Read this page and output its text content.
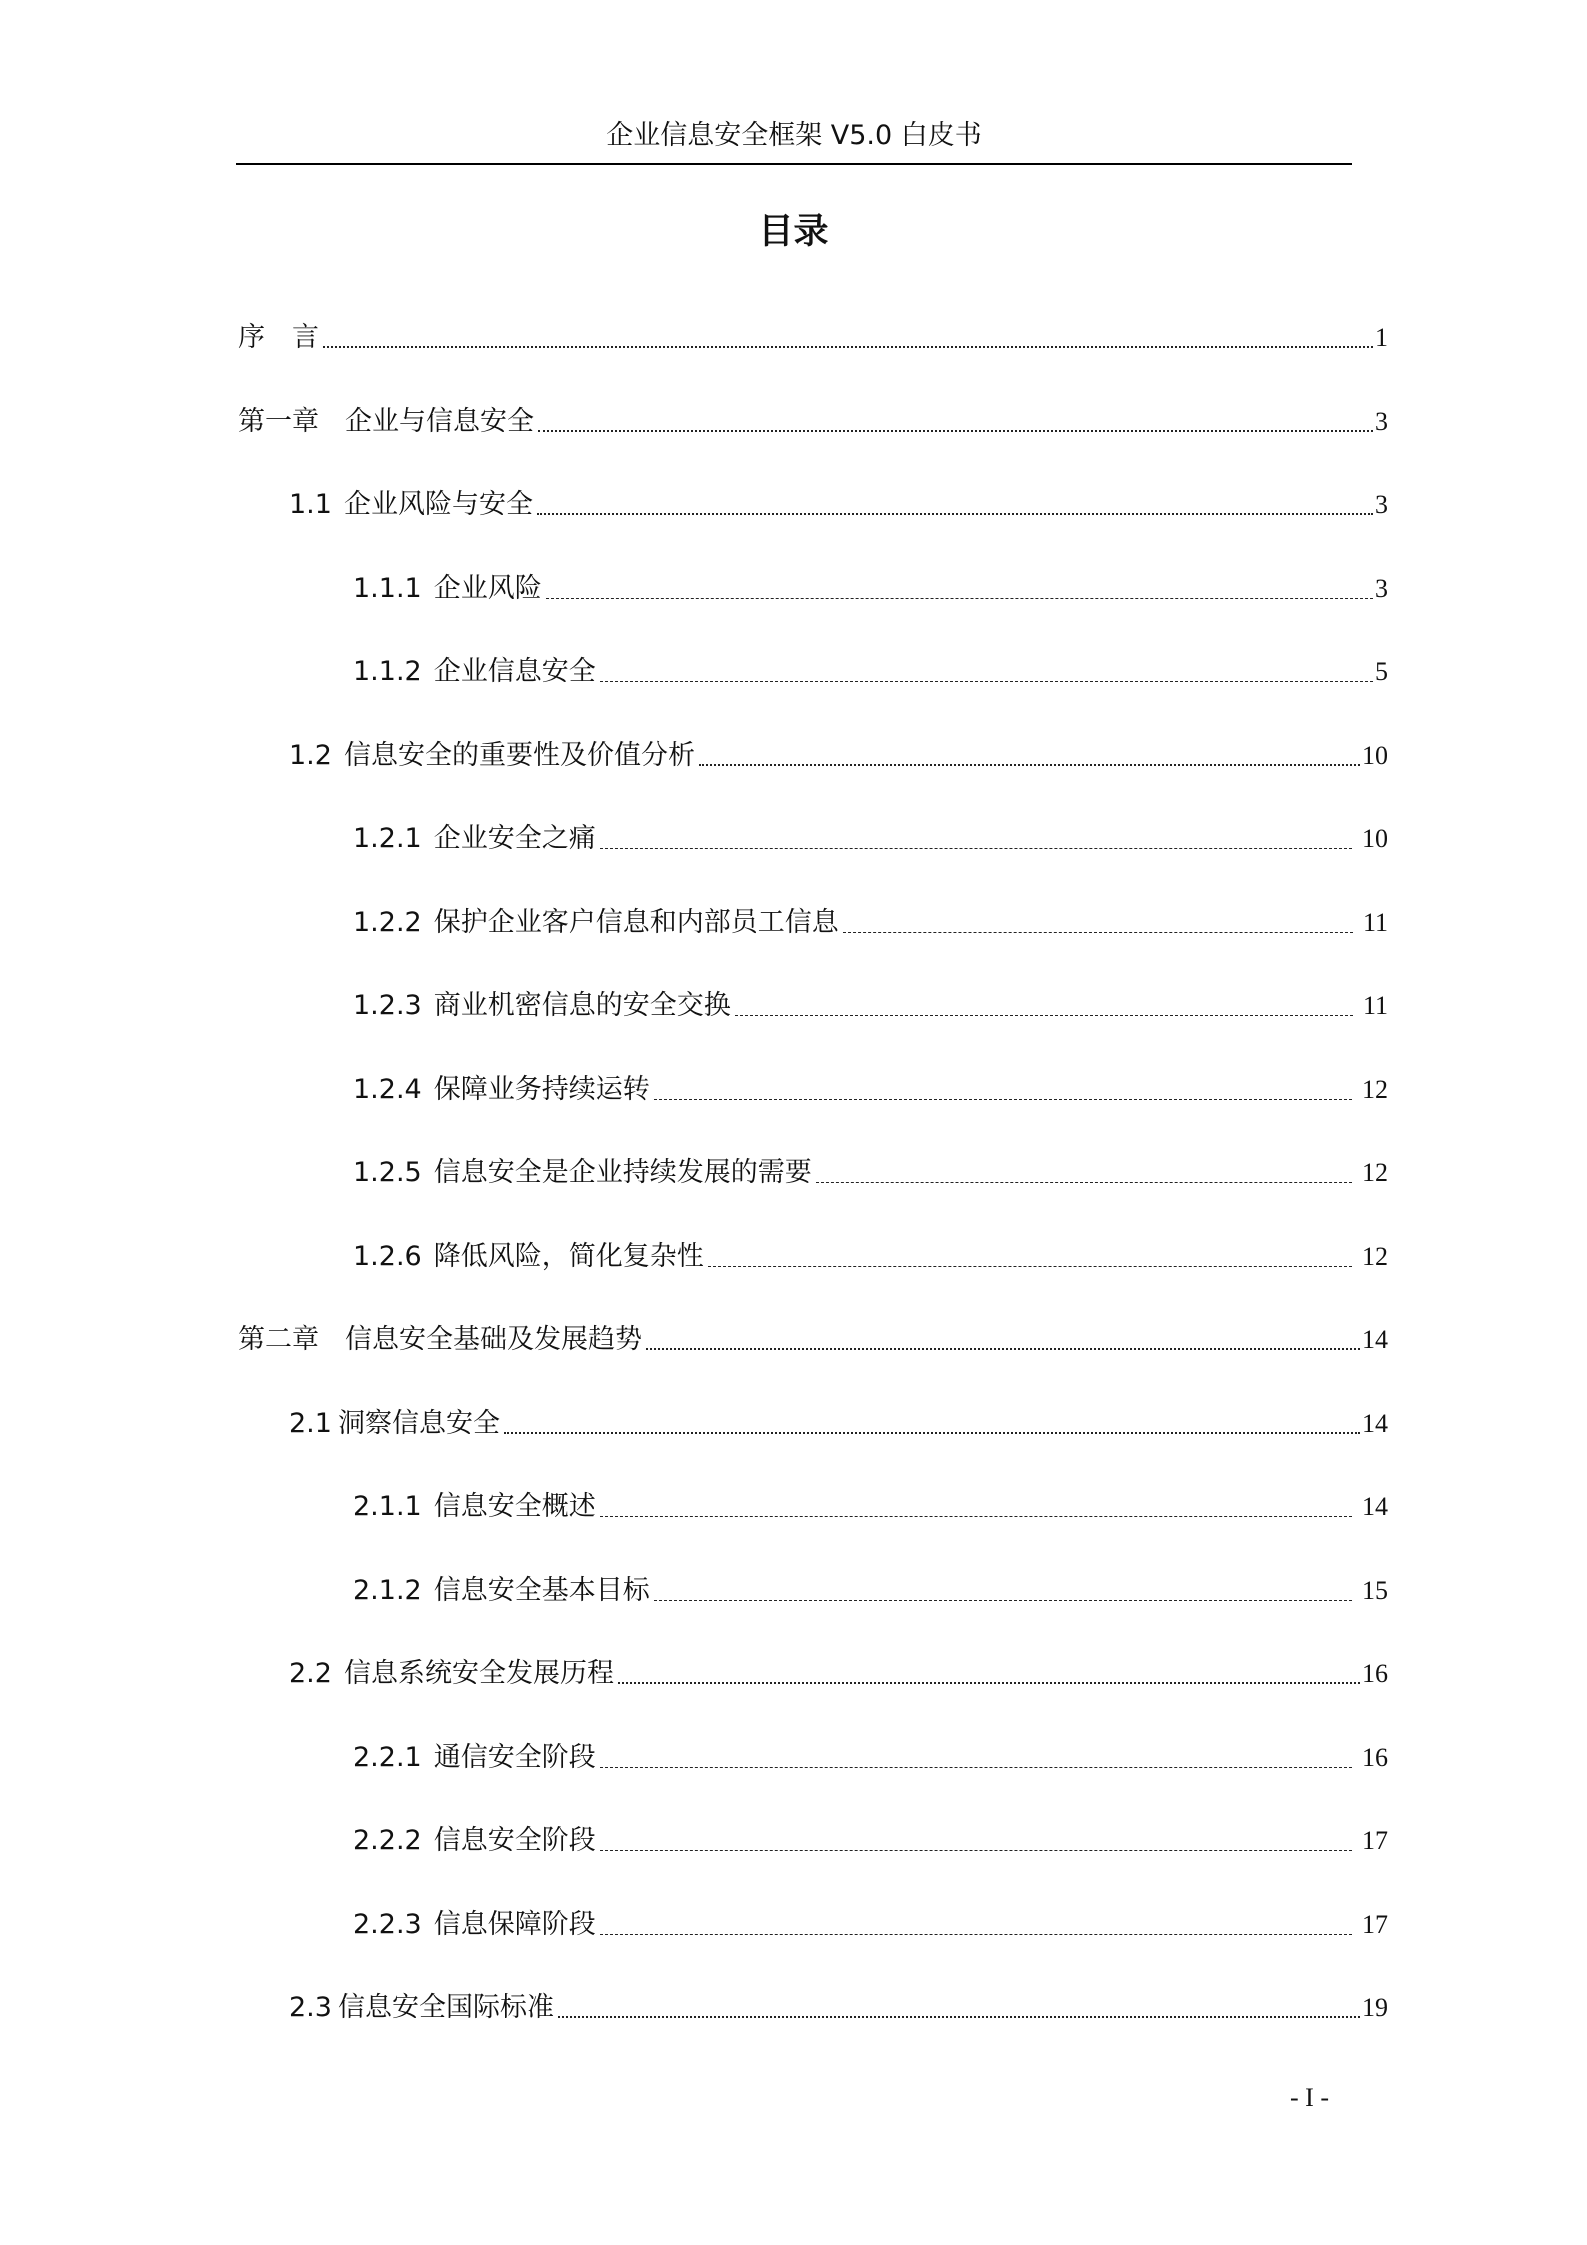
企业信息安全框架 V5.0 白皮书
目录
序　言	1
第一章 企业与信息安全	3
1.1 企业风险与安全	3
1.1.1 企业风险	3
1.1.2 企业信息安全	5
1.2 信息安全的重要性及价值分析	10
1.2.1 企业安全之痛	10
1.2.2 保护企业客户信息和内部员工信息	11
1.2.3 商业机密信息的安全交换	11
1.2.4 保障业务持续运转	12
1.2.5 信息安全是企业持续发展的需要	12
1.2.6 降低风险，简化复杂性	12
第二章 信息安全基础及发展趋势	14
2.1 洞察信息安全	14
2.1.1 信息安全概述	14
2.1.2 信息安全基本目标	15
2.2 信息系统安全发展历程	16
2.2.1 通信安全阶段	16
2.2.2 信息安全阶段	17
2.2.3 信息保障阶段	17
2.3 信息安全国际标准	19
- I -
